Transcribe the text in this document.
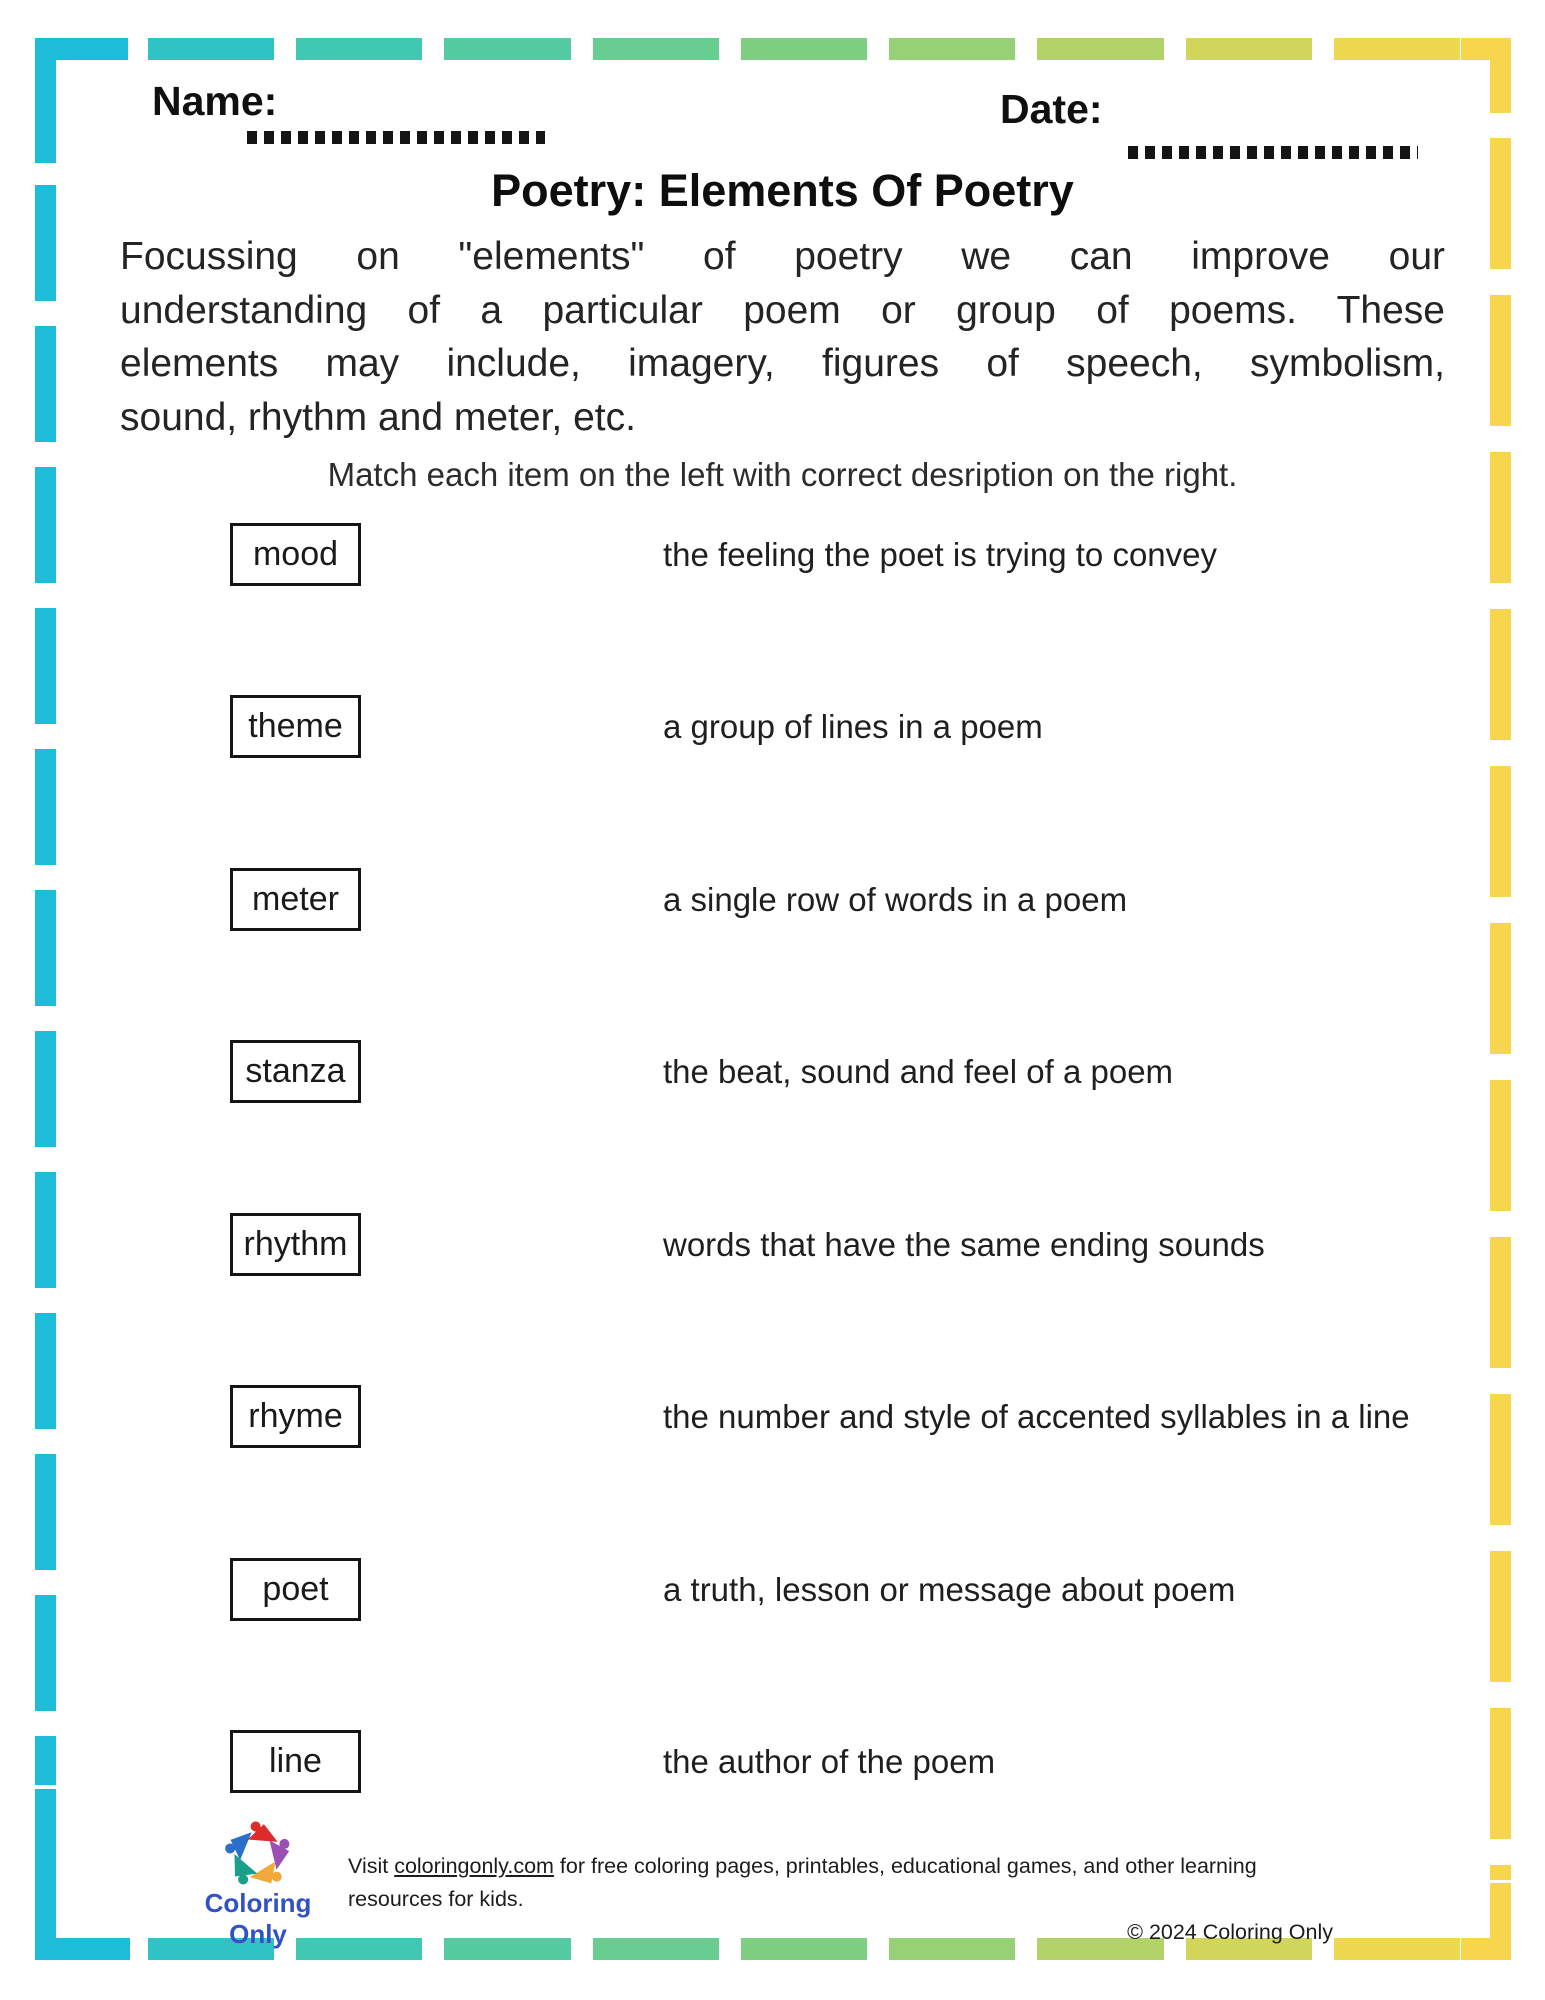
Name:	Date:
Poetry: Elements Of Poetry
Focussing on "elements" of poetry we can improve our
understanding of a particular poem or group of poems. These
elements may include, imagery, figures of speech, symbolism,
sound, rhythm and meter, etc.
Match each item on the left with correct desription on the right.
mood	the feeling the poet is trying to convey
theme	a group of lines in a poem
meter	a single row of words in a poem
stanza	the beat, sound and feel of a poem
rhythm	words that have the same ending sounds
rhyme	the number and style of accented syllables in a line
poet	a truth, lesson or message about poem
line	the author of the poem
Coloring Only
Visit coloringonly.com for free coloring pages, printables, educational games, and other learning resources for kids.
© 2024 Coloring Only
